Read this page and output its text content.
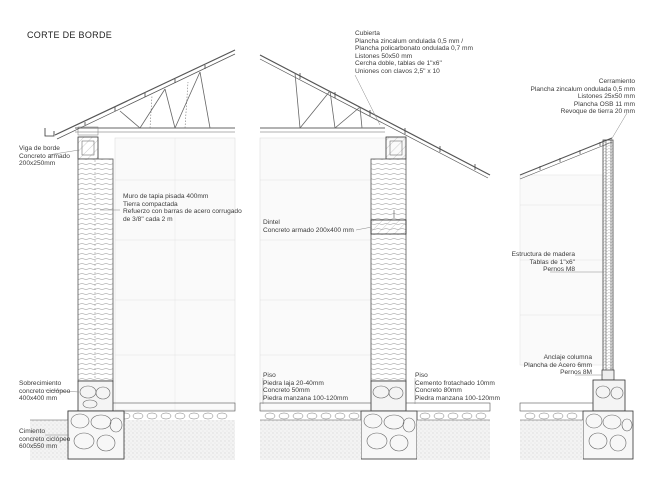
CORTE DE BORDE
Viga de borde
Concreto armado
200x250mm
Muro de tapia pisada 400mm
Tierra compactada
Refuerzo con barras de acero corrugado
de 3/8" cada 2 m
Sobrecimiento
concreto ciclópeo
400x400 mm
Cimiento
concreto ciclópeo
600x550 mm
Cubierta
Plancha zincalum ondulada 0,5 mm /
Plancha policarbonato ondulada 0,7 mm
Listones 50x50 mm
Cercha doble, tablas de 1"x6"
Uniones con clavos 2,5" x 10
Dintel
Concreto armado 200x400 mm
Piso
Piedra laja 20-40mm
Concreto 50mm
Piedra manzana 100-120mm
Piso
Cemento frotachado 10mm
Concreto 80mm
Piedra manzana 100-120mm
Cerramiento
Plancha zincalum ondulada 0,5 mm
Listones 25x50 mm
Plancha OSB 11 mm
Revoque de tierra 20 mm
Estructura de madera
Tablas de 1"x6"
Pernos M8
Anclaje columna
Plancha de Acero 6mm
Pernos 8M
